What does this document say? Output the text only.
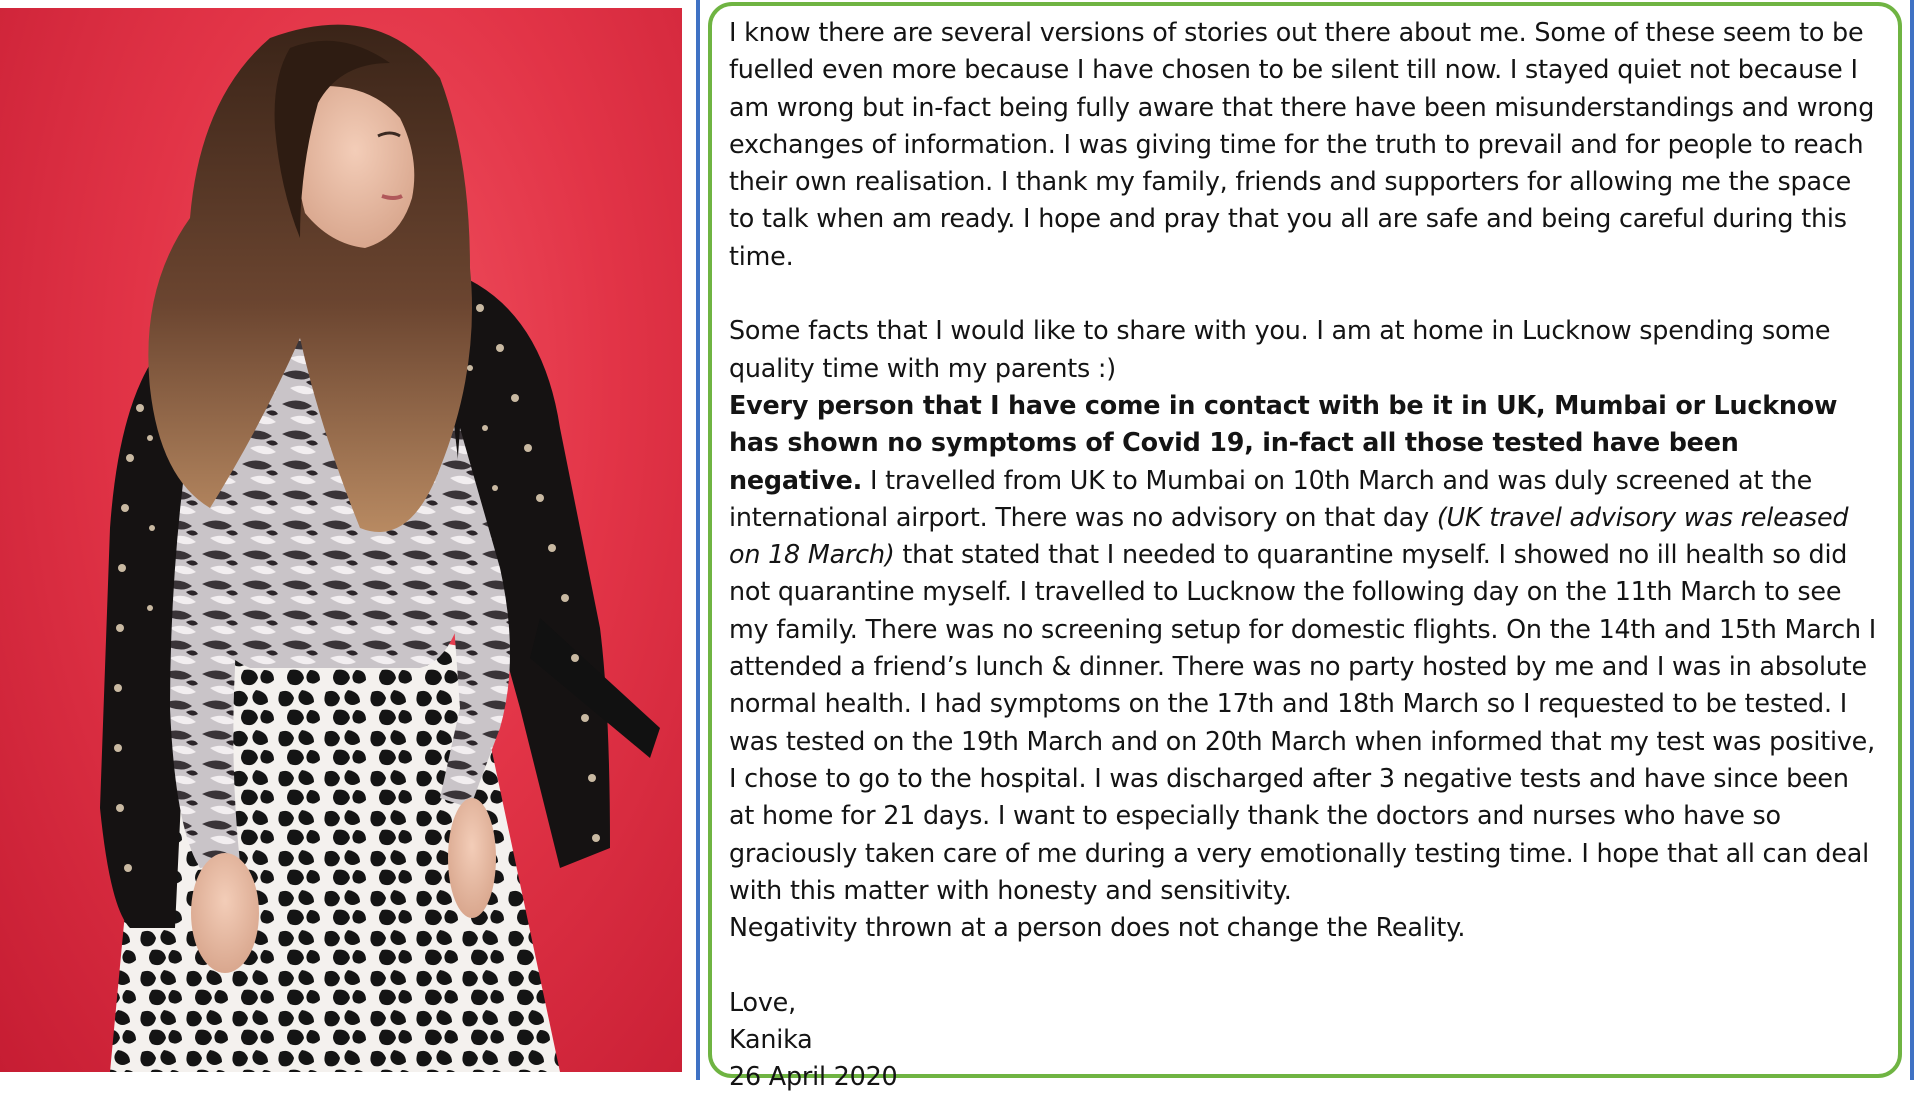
I know there are several versions of stories out there about me. Some of these seem to be fuelled even more because I have chosen to be silent till now. I stayed quiet not because I am wrong but in-fact being fully aware that there have been misunderstandings and wrong exchanges of information. I was giving time for the truth to prevail and for people to reach their own realisation. I thank my family, friends and supporters for allowing me the space to talk when am ready. I hope and pray that you all are safe and being careful during this time.

Some facts that I would like to share with you. I am at home in Lucknow spending some quality time with my parents :)

Every person that I have come in contact with be it in UK, Mumbai or Lucknow has shown no symptoms of Covid 19, in-fact all those tested have been negative. I travelled from UK to Mumbai on 10th March and was duly screened at the international airport. There was no advisory on that day (UK travel advisory was released on 18 March) that stated that I needed to quarantine myself. I showed no ill health so did not quarantine myself. I travelled to Lucknow the following day on the 11th March to see my family. There was no screening setup for domestic flights. On the 14th and 15th March I attended a friend’s lunch & dinner. There was no party hosted by me and I was in absolute normal health. I had symptoms on the 17th and 18th March so I requested to be tested. I was tested on the 19th March and on 20th March when informed that my test was positive, I chose to go to the hospital. I was discharged after 3 negative tests and have since been at home for 21 days. I want to especially thank the doctors and nurses who have so graciously taken care of me during a very emotionally testing time. I hope that all can deal with this matter with honesty and sensitivity.

Negativity thrown at a person does not change the Reality.

Love,

Kanika

26 April 2020
